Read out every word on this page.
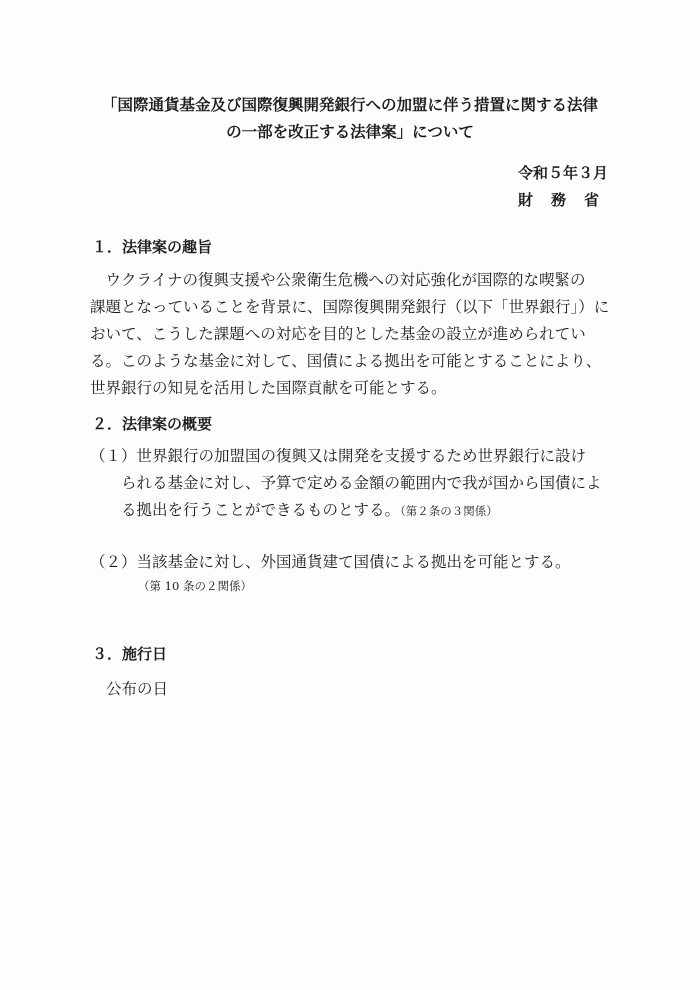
「国際通貨基金及び国際復興開発銀行への加盟に伴う措置に関する法律
の一部を改正する法律案」について
令和５年３月
財務省
１．法律案の趣旨
　ウクライナの復興支援や公衆衛生危機への対応強化が国際的な喫緊の
課題となっていることを背景に、国際復興開発銀行（以下「世界銀行」）に
おいて、こうした課題への対応を目的とした基金の設立が進められてい
る。このような基金に対して、国債による拠出を可能とすることにより、
世界銀行の知見を活用した国際貢献を可能とする。
２．法律案の概要
（１）世界銀行の加盟国の復興又は開発を支援するため世界銀行に設け
　　られる基金に対し、予算で定める金額の範囲内で我が国から国債によ
　　る拠出を行うことができるものとする。（第２条の３関係）
（２）当該基金に対し、外国通貨建て国債による拠出を可能とする。
（第 10 条の２関係）
３．施行日
公布の日
